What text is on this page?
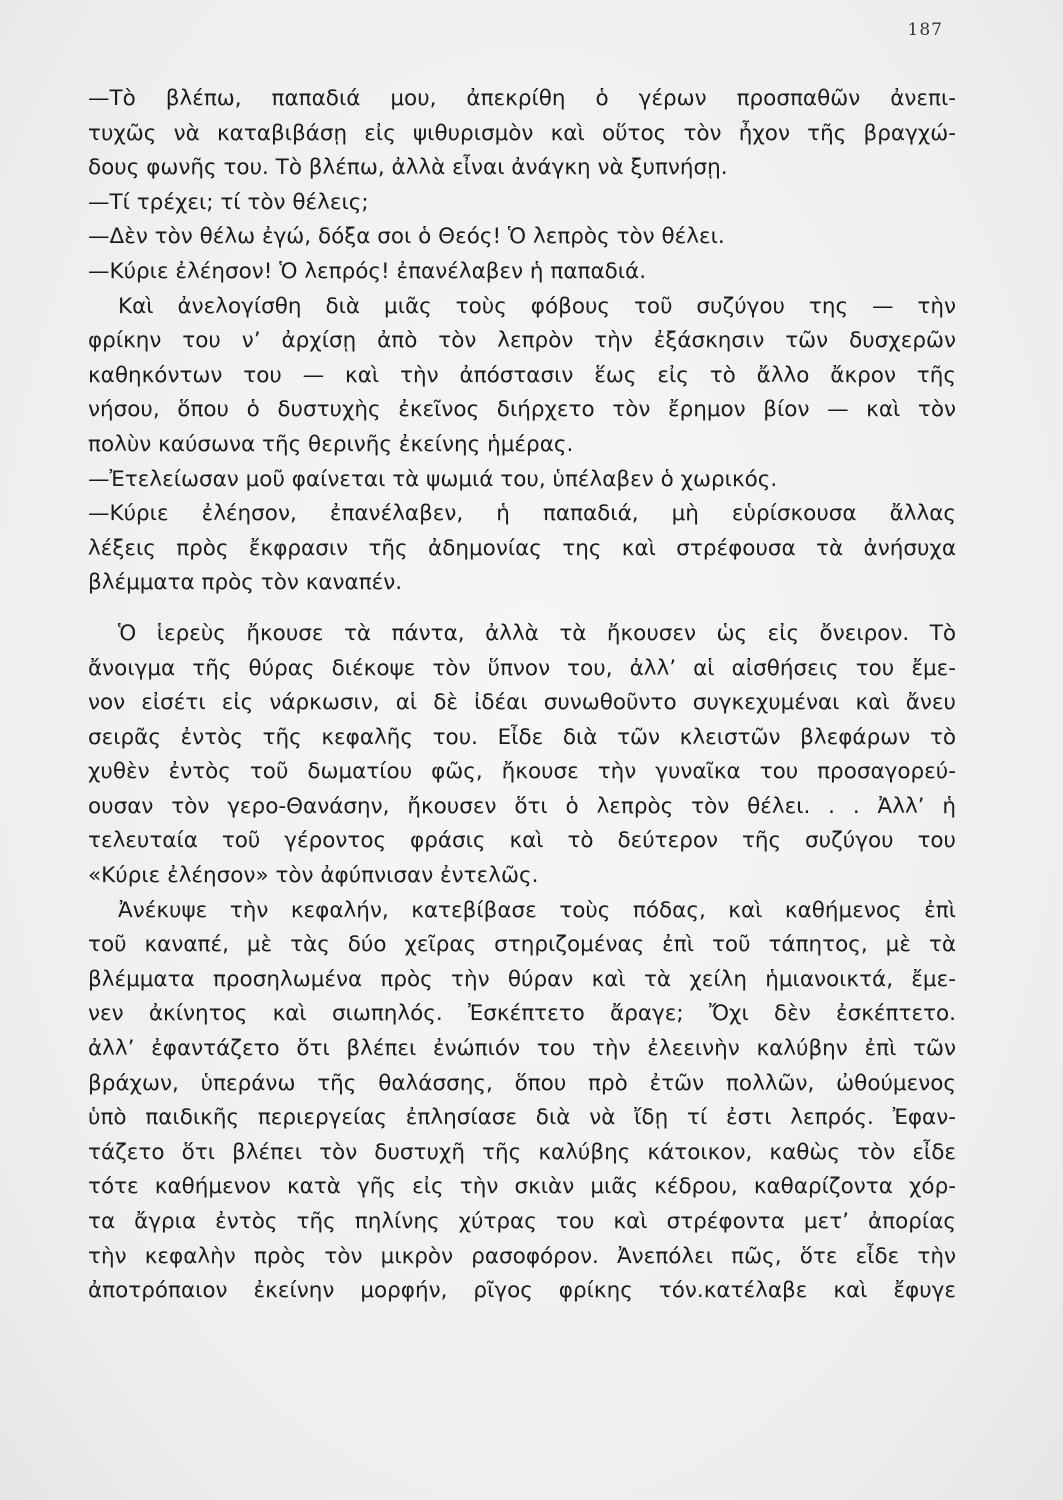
187
—Τὸ βλέπω, παπαδιά μου, ἀπεκρίθη ὁ γέρων προσπαθῶν ἀνεπι-
τυχῶς νὰ καταβιβάσῃ εἰς ψιθυρισμὸν καὶ οὕτος τὸν ἦχον τῆς βραγχώ-
δους φωνῆς του. Τὸ βλέπω, ἀλλὰ εἶναι ἀνάγκη νὰ ξυπνήσῃ.
—Τί τρέχει; τί τὸν θέλεις;
—Δὲν τὸν θέλω ἐγώ, δόξα σοι ὁ Θεός! Ὁ λεπρὸς τὸν θέλει.
—Κύριε ἐλέησον! Ὁ λεπρός! ἐπανέλαβεν ἡ παπαδιά.
Καὶ ἀνελογίσθη διὰ μιᾶς τοὺς φόβους τοῦ συζύγου της — τὴν
φρίκην του ν’ ἀρχίσῃ ἀπὸ τὸν λεπρὸν τὴν ἐξάσκησιν τῶν δυσχερῶν
καθηκόντων του — καὶ τὴν ἀπόστασιν ἕως εἰς τὸ ἄλλο ἄκρον τῆς
νήσου, ὅπου ὁ δυστυχὴς ἐκεῖνος διήρχετο τὸν ἔρημον βίον — καὶ τὸν
πολὺν καύσωνα τῆς θερινῆς ἐκείνης ἡμέρας.
—Ἐτελείωσαν μοῦ φαίνεται τὰ ψωμιά του, ὑπέλαβεν ὁ χωρικός.
—Κύριε ἐλέησον, ἐπανέλαβεν, ἡ παπαδιά, μὴ εὑρίσκουσα ἄλλας
λέξεις πρὸς ἔκφρασιν τῆς ἀδημονίας της καὶ στρέφουσα τὰ ἀνήσυχα
βλέμματα πρὸς τὸν καναπέν.
Ὁ ἱερεὺς ἤκουσε τὰ πάντα, ἀλλὰ τὰ ἤκουσεν ὡς εἰς ὄνειρον. Τὸ
ἄνοιγμα τῆς θύρας διέκοψε τὸν ὕπνον του, ἀλλ’ αἱ αἰσθήσεις του ἔμε-
νον εἰσέτι εἰς νάρκωσιν, αἱ δὲ ἰδέαι συνωθοῦντο συγκεχυμέναι καὶ ἄνευ
σειρᾶς ἐντὸς τῆς κεφαλῆς του. Εἶδε διὰ τῶν κλειστῶν βλεφάρων τὸ
χυθὲν ἐντὸς τοῦ δωματίου φῶς, ἤκουσε τὴν γυναῖκα του προσαγορεύ-
ουσαν τὸν γερο-Θανάσην, ἤκουσεν ὅτι ὁ λεπρὸς τὸν θέλει. . . Ἀλλ’ ἡ
τελευταία τοῦ γέροντος φράσις καὶ τὸ δεύτερον τῆς συζύγου του
«Κύριε ἐλέησον» τὸν ἀφύπνισαν ἐντελῶς.
Ἀνέκυψε τὴν κεφαλήν, κατεβίβασε τοὺς πόδας, καὶ καθήμενος ἐπὶ
τοῦ καναπέ, μὲ τὰς δύο χεῖρας στηριζομένας ἐπὶ τοῦ τάπητος, μὲ τὰ
βλέμματα προσηλωμένα πρὸς τὴν θύραν καὶ τὰ χείλη ἡμιανοικτά, ἔμε-
νεν ἀκίνητος καὶ σιωπηλός. Ἐσκέπτετο ἄραγε; Ὄχι δὲν ἐσκέπτετο.
ἀλλ’ ἐφαντάζετο ὅτι βλέπει ἐνώπιόν του τὴν ἐλεεινὴν καλύβην ἐπὶ τῶν
βράχων, ὑπεράνω τῆς θαλάσσης, ὅπου πρὸ ἐτῶν πολλῶν, ὠθούμενος
ὑπὸ παιδικῆς περιεργείας ἐπλησίασε διὰ νὰ ἴδῃ τί ἐστι λεπρός. Ἐφαν-
τάζετο ὅτι βλέπει τὸν δυστυχῆ τῆς καλύβης κάτοικον, καθὼς τὸν εἶδε
τότε καθήμενον κατὰ γῆς εἰς τὴν σκιὰν μιᾶς κέδρου, καθαρίζοντα χόρ-
τα ἄγρια ἐντὸς τῆς πηλίνης χύτρας του καὶ στρέφοντα μετ’ ἀπορίας
τὴν κεφαλὴν πρὸς τὸν μικρὸν ρασοφόρον. Ἀνεπόλει πῶς, ὅτε εἶδε τὴν
ἀποτρόπαιον ἐκείνην μορφήν, ρῖγος φρίκης τόν.κατέλαβε καὶ ἔφυγε
